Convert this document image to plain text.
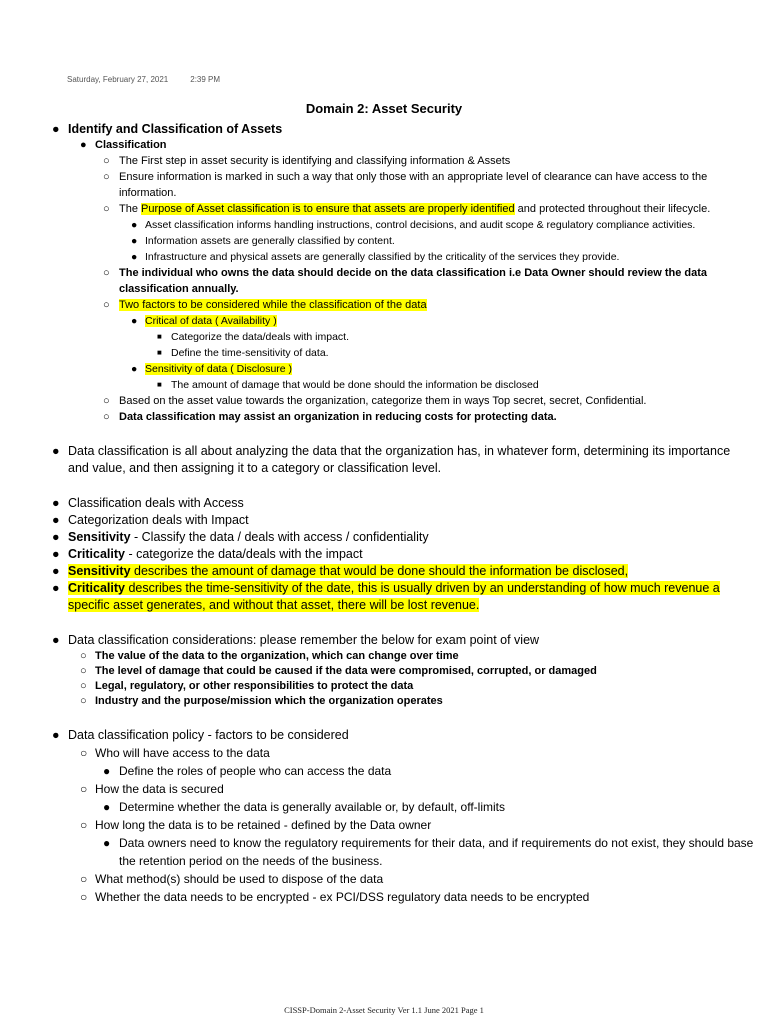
Saturday, February 27, 2021	2:39 PM
Domain 2: Asset Security
● Identify and Classification of Assets
● Classification
○ The First step in asset security is identifying and classifying information & Assets
○ Ensure information is marked in such a way that only those with an appropriate level of clearance can have access to the information.
○ The Purpose of Asset classification is to ensure that assets are properly identified and protected throughout their lifecycle.
● Asset classification informs handling instructions, control decisions, and audit scope & regulatory compliance activities.
● Information assets are generally classified by content.
● Infrastructure and physical assets are generally classified by the criticality of the services they provide.
○ The individual who owns the data should decide on the data classification i.e Data Owner should review the data classification annually.
○ Two factors to be considered while the classification of the data
● Critical of data ( Availability )
■ Categorize the data/deals with impact.
■ Define the time-sensitivity of data.
● Sensitivity of data ( Disclosure )
■ The amount of damage that would be done should the information be disclosed
○ Based on the asset value towards the organization, categorize them in ways Top secret, secret, Confidential.
○ Data classification may assist an organization in reducing costs for protecting data.
● Data classification is all about analyzing the data that the organization has, in whatever form, determining its importance and value, and then assigning it to a category or classification level.
● Classification deals with Access
● Categorization deals with Impact
● Sensitivity - Classify the data / deals with access / confidentiality
● Criticality - categorize the data/deals with the impact
● Sensitivity describes the amount of damage that would be done should the information be disclosed,
● Criticality describes the time-sensitivity of the date, this is usually driven by an understanding of how much revenue a specific asset generates, and without that asset, there will be lost revenue.
● Data classification considerations: please remember the below for exam point of view
○ The value of the data to the organization, which can change over time
○ The level of damage that could be caused if the data were compromised, corrupted, or damaged
○ Legal, regulatory, or other responsibilities to protect the data
○ Industry and the purpose/mission which the organization operates
● Data classification policy - factors to be considered
○ Who will have access to the data
● Define the roles of people who can access the data
○ How the data is secured
● Determine whether the data is generally available or, by default, off-limits
○ How long the data is to be retained - defined by the Data owner
● Data owners need to know the regulatory requirements for their data, and if requirements do not exist, they should base the retention period on the needs of the business.
○ What method(s) should be used to dispose of the data
○ Whether the data needs to be encrypted - ex PCI/DSS regulatory data needs to be encrypted
CISSP-Domain 2-Asset Security Ver 1.1 June 2021 Page 1
